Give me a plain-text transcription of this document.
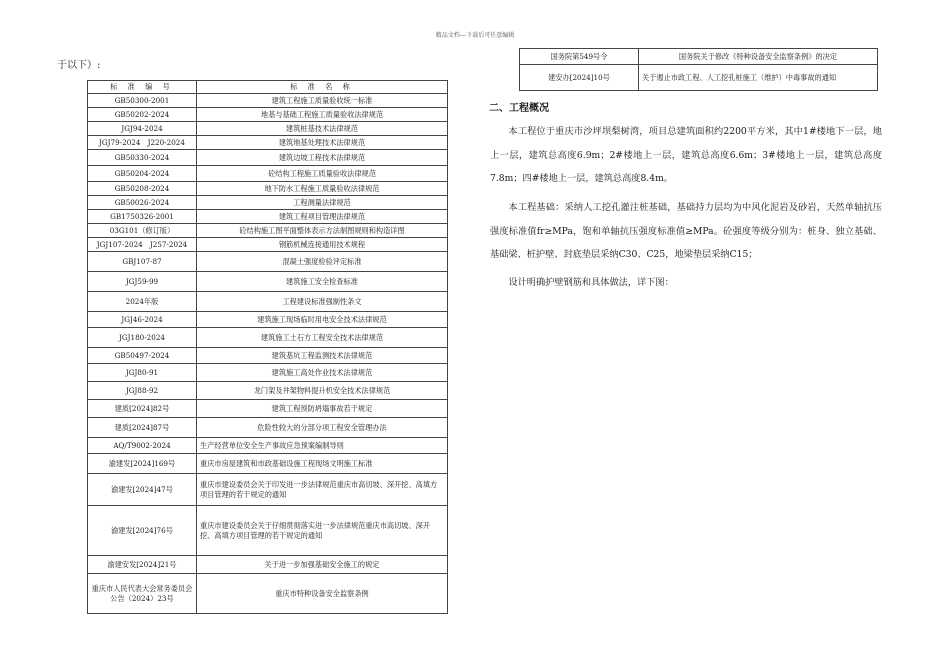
精品文档---下载后可任意编辑
于以下）:
标 准 编 号	标 准 名 称
GB50300-2001	建筑工程施工质量验收统一标准
GB50202-2024	地基与基础工程施工质量验收法律规范
JGJ94-2024	建筑桩基技术法律规范
JGJ79-2024　J220-2024	建筑地基处理技术法律规范
GB50330-2024	建筑边坡工程技术法律规范
GB50204-2024	砼结构工程施工质量验收法律规范
GB50208-2024	地下防水工程施工质量验收法律规范
GB50026-2024	工程测量法律规范
GB1750326-2001	建筑工程项目管理法律规范
03G101（修订版）	砼结构施工图平面整体表示方法制图规则和构造详图
JGJ107-2024　J257-2024	钢筋机械连接通用技术规程
GBJ107-87	混凝土强度检验评定标准
JGJ59-99	建筑施工安全检查标准
2024年版	工程建设标准强制性条文
JGJ46-2024	建筑施工现场临时用电安全技术法律规范
JGJ180-2024	建筑施工土石方工程安全技术法律规范
GB50497-2024	建筑基坑工程监测技术法律规范
JGJ80-91	建筑施工高处作业技术法律规范
JGJ88-92	龙门架及井架物料提升机安全技术法律规范
建质[2024]82号	建筑工程预防坍塌事故若干规定
建质[2024]87号	危险性较大的分部分项工程安全管理办法
AQ/T9002-2024	生产经营单位安全生产事故应急预案编制导则
渝建发[2024]169号	重庆市房屋建筑和市政基础设施工程现场文明施工标准
渝建发[2024]47号	重庆市建设委员会关于印发进一步法律规范重庆市高切坡、深开挖、高填方项目管理的若干规定的通知
渝建发[2024]76号	重庆市建设委员会关于仔细贯彻落实进一步法律规范重庆市高切坡、深开挖、高填方项目管理的若干规定的通知
渝建安发[2024]21号	关于进一步加强基础安全施工的规定
重庆市人民代表大会常务委员会公告（2024）23号	重庆市特种设备安全监察条例
国务院第549号令	国务院关于修改《特种设备安全监察条例》的决定
建安办[2024]10号	关于遏止市政工程、人工挖孔桩施工（维护）中毒事故的通知
二、工程概况

本工程位于重庆市沙坪坝梨树湾，项目总建筑面积约2200平方米，其中1#楼地下一层，地上一层，建筑总高度6.9m；2#楼地上一层，建筑总高度6.6m；3#楼地上一层，建筑总高度7.8m；四#楼地上一层，建筑总高度8.4m。

本工程基础：采纳人工挖孔灌注桩基础，基础持力层均为中风化泥岩及砂岩，天然单轴抗压强度标准值fr≥MPa，饱和单轴抗压强度标准值≥MPa。砼强度等级分别为：桩身、独立基础、基础梁、桩护壁、封底垫层采纳C30、C25，地梁垫层采纳C15；

设计明确护壁钢筋和具体做法，详下图：
